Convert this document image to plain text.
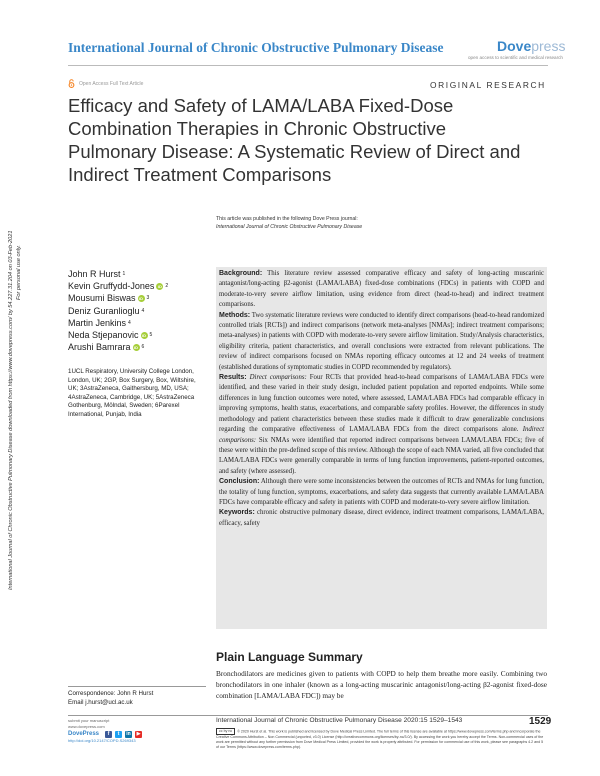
International Journal of Chronic Obstructive Pulmonary Disease	Dovepress
open access to scientific and medical research
Open Access Full Text Article	ORIGINAL RESEARCH
Efficacy and Safety of LAMA/LABA Fixed-Dose Combination Therapies in Chronic Obstructive Pulmonary Disease: A Systematic Review of Direct and Indirect Treatment Comparisons
This article was published in the following Dove Press journal:
International Journal of Chronic Obstructive Pulmonary Disease
International Journal of Chronic Obstructive Pulmonary Disease downloaded from https://www.dovepress.com/ by 54.227.31.204 on 03-Feb-2021 For personal use only.	John R Hurst 1
Kevin Gruffydd-Jones iD 2
Mousumi Biswas iD 3
Deniz Guranlioglu 4
Martin Jenkins 4
Neda Stjepanovic iD 5
Arushi Bamrara iD 6
1UCL Respiratory, University College London, London, UK; 2GP, Box Surgery, Box, Wiltshire, UK; 3AstraZeneca, Gaithersburg, MD, USA; 4AstraZeneca, Cambridge, UK; 5AstraZeneca Gothenburg, Mölndal, Sweden; 6Parexel International, Punjab, India
Correspondence: John R Hurst
Email j.hurst@ucl.ac.uk

Background: This literature review assessed comparative efficacy and safety of long-acting muscarinic antagonist/long-acting β2-agonist (LAMA/LABA) fixed-dose combinations (FDCs) in patients with COPD and moderate-to-very severe airflow limitation, using evidence from direct (head-to-head) and indirect treatment comparisons.

Methods: Two systematic literature reviews were conducted to identify direct comparisons (head-to-head randomized controlled trials [RCTs]) and indirect comparisons (network meta-analyses [NMAs]; indirect treatment comparisons; meta-analyses) in patients with COPD with moderate-to-very severe airflow limitation. Study/Analysis characteristics, eligibility criteria, patient characteristics, and overall conclusions were extracted from relevant publications. The review of indirect comparisons focused on NMAs reporting efficacy outcomes at 12 and 24 weeks of treatment (established durations of symptomatic studies in COPD recommended by regulators).

Results: Direct comparisons: Four RCTs that provided head-to-head comparisons of LAMA/LABA FDCs were identified, and these varied in their study design, included patient population and reported endpoints. While some differences in lung function outcomes were noted, where assessed, LAMA/LABA FDCs had comparable efficacy in improving symptoms, health status, exacerbations, and comparable safety profiles. However, the differences in study methodology and patient characteristics between these studies made it difficult to draw generalizable conclusions regarding the comparative effectiveness of LAMA/LABA FDCs from the direct comparisons alone. Indirect comparisons: Six NMAs were identified that reported indirect comparisons between LAMA/LABA FDCs; five of these were within the pre-defined scope of this review. Although the scope of each NMA varied, all five concluded that LAMA/LABA FDCs were generally comparable in terms of lung function improvements, patient-reported outcomes, and safety (where assessed).

Conclusion: Although there were some inconsistencies between the outcomes of RCTs and NMAs for lung function, the totality of lung function, symptoms, exacerbations, and safety data suggests that currently available LAMA/LABA FDCs have comparable efficacy and safety in patients with COPD and moderate-to-very severe airflow limitation.

Keywords: chronic obstructive pulmonary disease, direct evidence, indirect treatment comparisons, LAMA/LABA, efficacy, safety

Plain Language Summary

Bronchodilators are medicines given to patients with COPD to help them breathe more easily. Combining two bronchodilators in one inhaler (known as a long-acting muscarinic antagonist/long-acting β2-agonist fixed-dose combination [LAMA/LABA FDC]) may be

submit your manuscript
www.dovepress.com
DovePress	f	t	in	▶
http://doi.org/10.2147/COPD.S269343
International Journal of Chronic Obstructive Pulmonary Disease 2020:15 1529–1543	1529
cc by nc © 2020 Hurst et al. This work is published and licensed by Dove Medical Press Limited. The full terms of this license are available at https://www.dovepress.com/terms.php and incorporate the Creative Commons Attribution – Non Commercial (unported, v3.0) License (http://creativecommons.org/licenses/by-nc/3.0/). By accessing the work you hereby accept the Terms. Non-commercial uses of the work are permitted without any further permission from Dove Medical Press Limited, provided the work is properly attributed. For permission for commercial use of this work, please see paragraphs 4.2 and 5 of our Terms (https://www.dovepress.com/terms.php).
